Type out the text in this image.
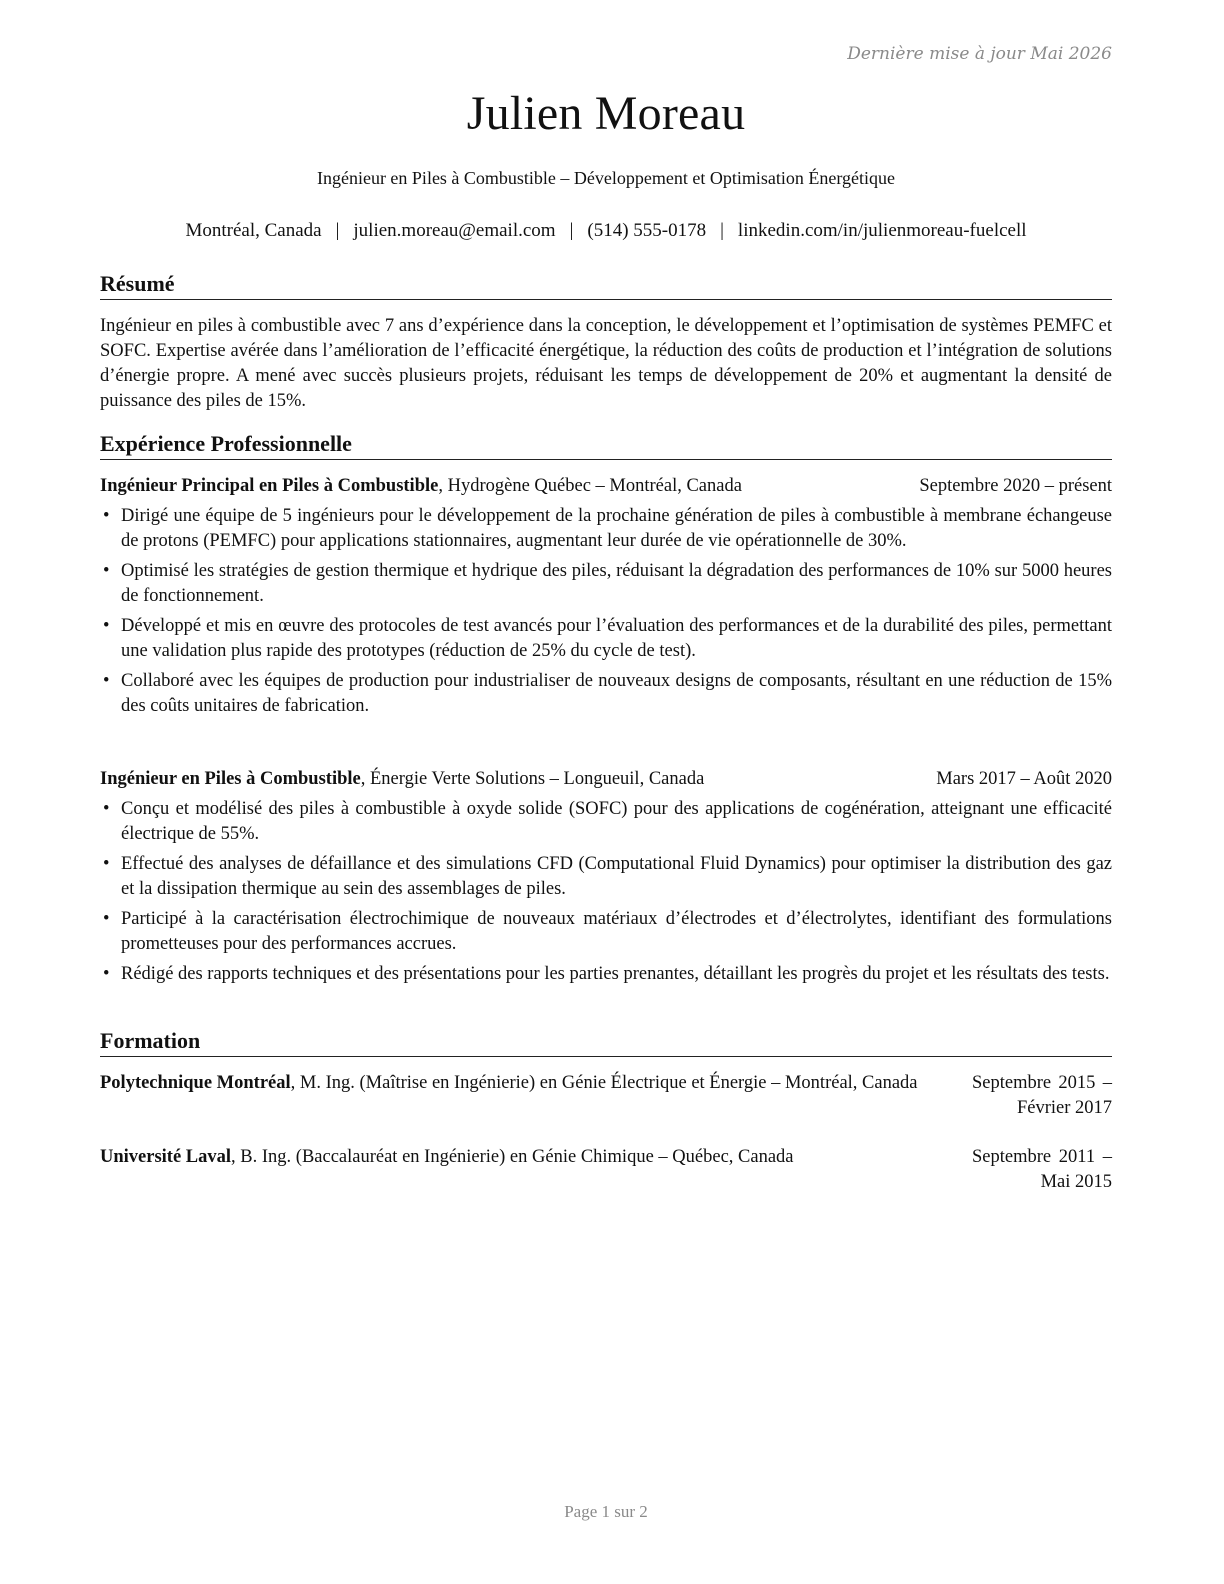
Dernière mise à jour Mai 2026
Julien Moreau
Ingénieur en Piles à Combustible – Développement et Optimisation Énergétique
Montréal, Canada | julien.moreau@email.com | (514) 555-0178 | linkedin.com/in/julienmoreau-fuelcell
Résumé
Ingénieur en piles à combustible avec 7 ans d’expérience dans la conception, le développement et l’optimisation de systèmes PEMFC et SOFC. Expertise avérée dans l’amélioration de l’efficacité énergétique, la réduction des coûts de production et l’intégration de solutions d’énergie propre. A mené avec succès plusieurs projets, réduisant les temps de développement de 20% et augmentant la densité de puissance des piles de 15%.
Expérience Professionnelle
Ingénieur Principal en Piles à Combustible, Hydrogène Québec – Montréal, Canada	Septembre 2020 – présent
• Dirigé une équipe de 5 ingénieurs pour le développement de la prochaine génération de piles à combustible à membrane échangeuse de protons (PEMFC) pour applications stationnaires, augmentant leur durée de vie opérationnelle de 30%.
• Optimisé les stratégies de gestion thermique et hydrique des piles, réduisant la dégradation des performances de 10% sur 5000 heures de fonctionnement.
• Développé et mis en œuvre des protocoles de test avancés pour l’évaluation des performances et de la durabilité des piles, permettant une validation plus rapide des prototypes (réduction de 25% du cycle de test).
• Collaboré avec les équipes de production pour industrialiser de nouveaux designs de composants, résultant en une réduction de 15% des coûts unitaires de fabrication.
Ingénieur en Piles à Combustible, Énergie Verte Solutions – Longueuil, Canada	Mars 2017 – Août 2020
• Conçu et modélisé des piles à combustible à oxyde solide (SOFC) pour des applications de cogénération, atteignant une efficacité électrique de 55%.
• Effectué des analyses de défaillance et des simulations CFD (Computational Fluid Dynamics) pour optimiser la distribution des gaz et la dissipation thermique au sein des assemblages de piles.
• Participé à la caractérisation électrochimique de nouveaux matériaux d’électrodes et d’électrolytes, identifiant des formulations prometteuses pour des performances accrues.
• Rédigé des rapports techniques et des présentations pour les parties prenantes, détaillant les progrès du projet et les résultats des tests.
Formation
Polytechnique Montréal, M. Ing. (Maîtrise en Ingénierie) en Génie Électrique et Énergie – Montréal, Canada	Septembre 2015 – Février 2017
Université Laval, B. Ing. (Baccalauréat en Ingénierie) en Génie Chimique – Québec, Canada	Septembre 2011 – Mai 2015
Page 1 sur 2
